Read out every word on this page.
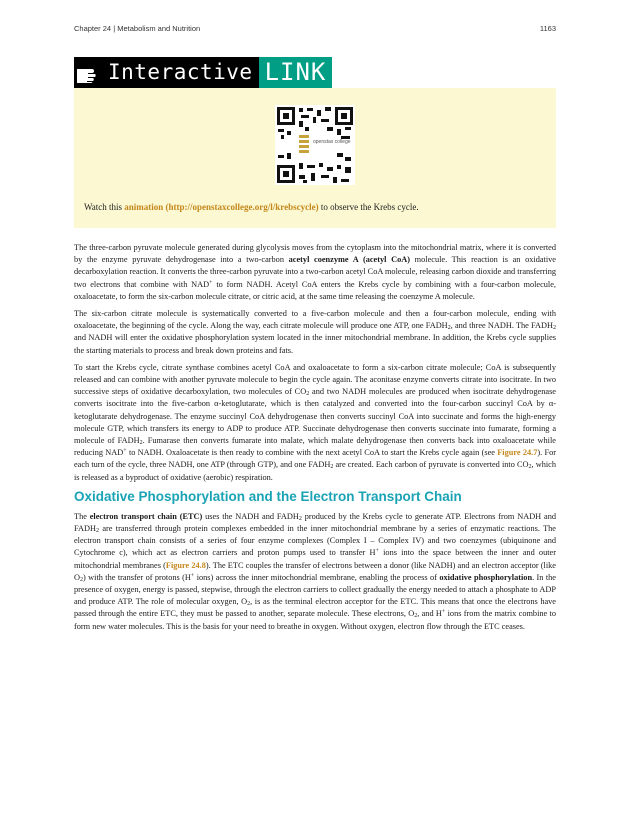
Chapter 24 | Metabolism and Nutrition	1163
Interactive LINK
openstax college
Watch this animation (http://openstaxcollege.org/l/krebscycle) to observe the Krebs cycle.

The three-carbon pyruvate molecule generated during glycolysis moves from the cytoplasm into the mitochondrial matrix, where it is converted by the enzyme pyruvate dehydrogenase into a two-carbon acetyl coenzyme A (acetyl CoA) molecule. This reaction is an oxidative decarboxylation reaction. It converts the three-carbon pyruvate into a two-carbon acetyl CoA molecule, releasing carbon dioxide and transferring two electrons that combine with NAD+ to form NADH. Acetyl CoA enters the Krebs cycle by combining with a four-carbon molecule, oxaloacetate, to form the six-carbon molecule citrate, or citric acid, at the same time releasing the coenzyme A molecule.

The six-carbon citrate molecule is systematically converted to a five-carbon molecule and then a four-carbon molecule, ending with oxaloacetate, the beginning of the cycle. Along the way, each citrate molecule will produce one ATP, one $FADH_2$, and three NADH. The $FADH_2$ and NADH will enter the oxidative phosphorylation system located in the inner mitochondrial membrane. In addition, the Krebs cycle supplies the starting materials to process and break down proteins and fats.

To start the Krebs cycle, citrate synthase combines acetyl CoA and oxaloacetate to form a six-carbon citrate molecule; CoA is subsequently released and can combine with another pyruvate molecule to begin the cycle again. The aconitase enzyme converts citrate into isocitrate. In two successive steps of oxidative decarboxylation, two molecules of $CO_2$ and two NADH molecules are produced when isocitrate dehydrogenase converts isocitrate into the five-carbon α-ketoglutarate, which is then catalyzed and converted into the four-carbon succinyl CoA by α-ketoglutarate dehydrogenase. The enzyme succinyl CoA dehydrogenase then converts succinyl CoA into succinate and forms the high-energy molecule GTP, which transfers its energy to ADP to produce ATP. Succinate dehydrogenase then converts succinate into fumarate, forming a molecule of $FADH_2$. Fumarase then converts fumarate into malate, which malate dehydrogenase then converts back into oxaloacetate while reducing NAD+ to NADH. Oxaloacetate is then ready to combine with the next acetyl CoA to start the Krebs cycle again (see Figure 24.7). For each turn of the cycle, three NADH, one ATP (through GTP), and one $FADH_2$ are created. Each carbon of pyruvate is converted into $CO_2$, which is released as a byproduct of oxidative (aerobic) respiration.

Oxidative Phosphorylation and the Electron Transport Chain

The electron transport chain (ETC) uses the NADH and $FADH_2$ produced by the Krebs cycle to generate ATP. Electrons from NADH and $FADH_2$ are transferred through protein complexes embedded in the inner mitochondrial membrane by a series of enzymatic reactions. The electron transport chain consists of a series of four enzyme complexes (Complex I – Complex IV) and two coenzymes (ubiquinone and Cytochrome c), which act as electron carriers and proton pumps used to transfer H+ ions into the space between the inner and outer mitochondrial membranes (Figure 24.8). The ETC couples the transfer of electrons between a donor (like NADH) and an electron acceptor (like $O_2$) with the transfer of protons (H+ ions) across the inner mitochondrial membrane, enabling the process of oxidative phosphorylation. In the presence of oxygen, energy is passed, stepwise, through the electron carriers to collect gradually the energy needed to attach a phosphate to ADP and produce ATP. The role of molecular oxygen, $O_2$, is as the terminal electron acceptor for the ETC. This means that once the electrons have passed through the entire ETC, they must be passed to another, separate molecule. These electrons, $O_2$, and H+ ions from the matrix combine to form new water molecules. This is the basis for your need to breathe in oxygen. Without oxygen, electron flow through the ETC ceases.
